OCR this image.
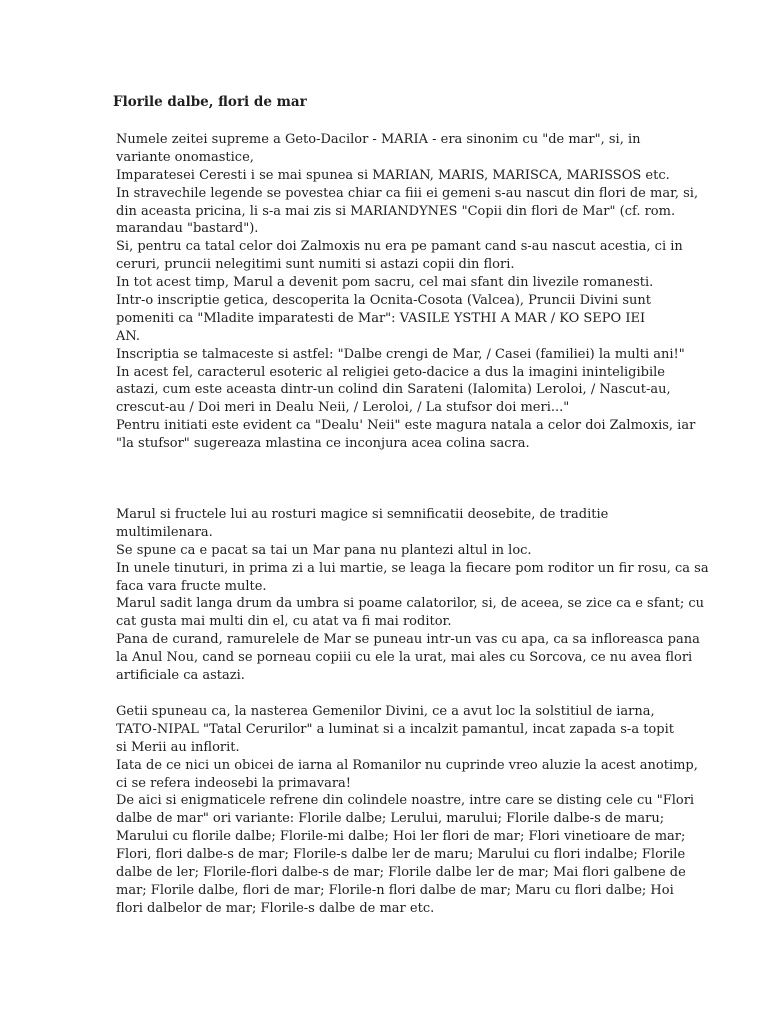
Florile dalbe, flori de mar
Numele zeitei supreme a Geto-Dacilor - MARIA - era sinonim cu "de mar", si, in
variante onomastice,
Imparatesei Ceresti i se mai spunea si MARIAN, MARIS, MARISCA, MARISSOS etc.
In stravechile legende se povestea chiar ca fiii ei gemeni s-au nascut din flori de mar, si,
din aceasta pricina, li s-a mai zis si MARIANDYNES "Copii din flori de Mar" (cf. rom.
marandau "bastard").
Si, pentru ca tatal celor doi Zalmoxis nu era pe pamant cand s-au nascut acestia, ci in
ceruri, pruncii nelegitimi sunt numiti si astazi copii din flori.
In tot acest timp, Marul a devenit pom sacru, cel mai sfant din livezile romanesti.
Intr-o inscriptie getica, descoperita la Ocnita-Cosota (Valcea), Pruncii Divini sunt
pomeniti ca "Mladite imparatesti de Mar": VASILE YSTHI A MAR / KO SEPO IEI
AN.
Inscriptia se talmaceste si astfel: "Dalbe crengi de Mar, / Casei (familiei) la multi ani!"
In acest fel, caracterul esoteric al religiei geto-dacice a dus la imagini ininteligibile
astazi, cum este aceasta dintr-un colind din Sarateni (Ialomita) Leroloi, / Nascut-au,
crescut-au / Doi meri in Dealu Neii, / Leroloi, / La stufsor doi meri..."
Pentru initiati este evident ca "Dealu' Neii" este magura natala a celor doi Zalmoxis, iar
"la stufsor" sugereaza mlastina ce inconjura acea colina sacra.
Marul si fructele lui au rosturi magice si semnificatii deosebite, de traditie
multimilenara.
Se spune ca e pacat sa tai un Mar pana nu plantezi altul in loc.
In unele tinuturi, in prima zi a lui martie, se leaga la fiecare pom roditor un fir rosu, ca sa
faca vara fructe multe.
Marul sadit langa drum da umbra si poame calatorilor, si, de aceea, se zice ca e sfant; cu
cat gusta mai multi din el, cu atat va fi mai roditor.
Pana de curand, ramurelele de Mar se puneau intr-un vas cu apa, ca sa infloreasca pana
la Anul Nou, cand se porneau copiii cu ele la urat, mai ales cu Sorcova, ce nu avea flori
artificiale ca astazi.
Getii spuneau ca, la nasterea Gemenilor Divini, ce a avut loc la solstitiul de iarna,
TATO-NIPAL "Tatal Cerurilor" a luminat si a incalzit pamantul, incat zapada s-a topit
si Merii au inflorit.
Iata de ce nici un obicei de iarna al Romanilor nu cuprinde vreo aluzie la acest anotimp,
ci se refera indeosebi la primavara!
De aici si enigmaticele refrene din colindele noastre, intre care se disting cele cu "Flori
dalbe de mar" ori variante: Florile dalbe; Lerului, marului; Florile dalbe-s de maru;
Marului cu florile dalbe; Florile-mi dalbe; Hoi ler flori de mar; Flori vinetioare de mar;
Flori, flori dalbe-s de mar; Florile-s dalbe ler de maru; Marului cu flori indalbe; Florile
dalbe de ler; Florile-flori dalbe-s de mar; Florile dalbe ler de mar; Mai flori galbene de
mar; Florile dalbe, flori de mar; Florile-n flori dalbe de mar; Maru cu flori dalbe; Hoi
flori dalbelor de mar; Florile-s dalbe de mar etc.
